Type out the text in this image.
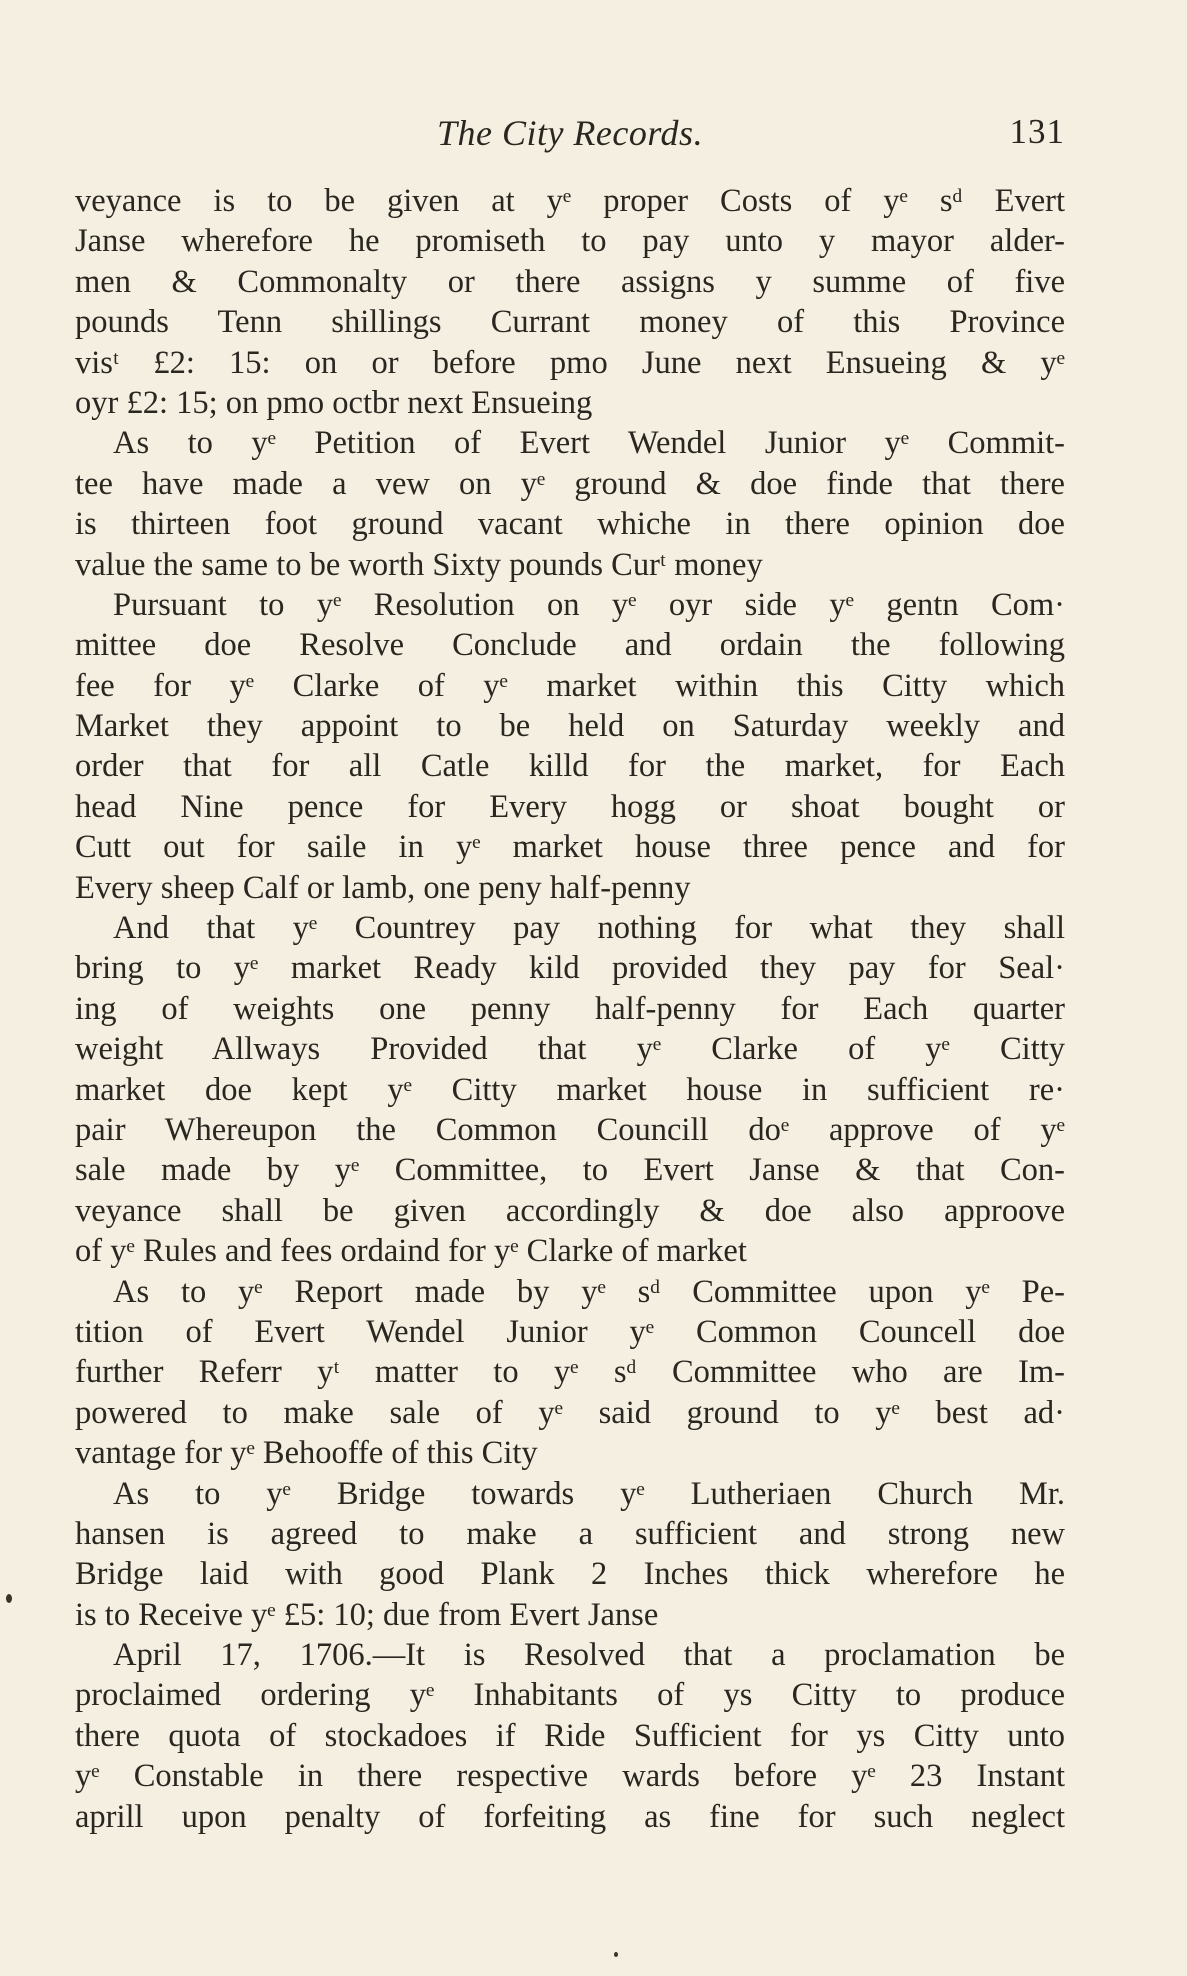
The City Records.	131
veyance is to be given at yᵉ proper Costs of yᵉ sᵈ Evert
Janse wherefore he promiseth to pay unto y mayor alder-
men & Commonalty or there assigns y summe of five
pounds Tenn shillings Currant money of this Province
visᵗ £2: 15: on or before pmo June next Ensueing & yᵉ
oyr £2: 15; on pmo octbr next Ensueing
As to yᵉ Petition of Evert Wendel Junior yᵉ Commit-
tee have made a vew on yᵉ ground & doe finde that there
is thirteen foot ground vacant whiche in there opinion doe
value the same to be worth Sixty pounds Curᵗ money
Pursuant to yᵉ Resolution on yᵉ oyr side yᵉ gentn Com·
mittee doe Resolve Conclude and ordain the following
fee for yᵉ Clarke of yᵉ market within this Citty which
Market they appoint to be held on Saturday weekly and
order that for all Catle killd for the market, for Each
head Nine pence for Every hogg or shoat bought or
Cutt out for saile in yᵉ market house three pence and for
Every sheep Calf or lamb, one peny half-penny
And that yᵉ Countrey pay nothing for what they shall
bring to yᵉ market Ready kild provided they pay for Seal·
ing of weights one penny half-penny for Each quarter
weight Allways Provided that yᵉ Clarke of yᵉ Citty
market doe kept yᵉ Citty market house in sufficient re·
pair Whereupon the Common Councill doᵉ approve of yᵉ
sale made by yᵉ Committee, to Evert Janse & that Con-
veyance shall be given accordingly & doe also approove
of yᵉ Rules and fees ordaind for yᵉ Clarke of market
As to yᵉ Report made by yᵉ sᵈ Committee upon yᵉ Pe-
tition of Evert Wendel Junior yᵉ Common Councell doe
further Referr yᵗ matter to yᵉ sᵈ Committee who are Im-
powered to make sale of yᵉ said ground to yᵉ best ad·
vantage for yᵉ Behooffe of this City
As to yᵉ Bridge towards yᵉ Lutheriaen Church Mr.
hansen is agreed to make a sufficient and strong new
Bridge laid with good Plank 2 Inches thick wherefore he
is to Receive yᵉ £5: 10; due from Evert Janse
April 17, 1706.—It is Resolved that a proclamation be
proclaimed ordering yᵉ Inhabitants of ys Citty to produce
there quota of stockadoes if Ride Sufficient for ys Citty unto
yᵉ Constable in there respective wards before yᵉ 23 Instant
aprill upon penalty of forfeiting as fine for such neglect
